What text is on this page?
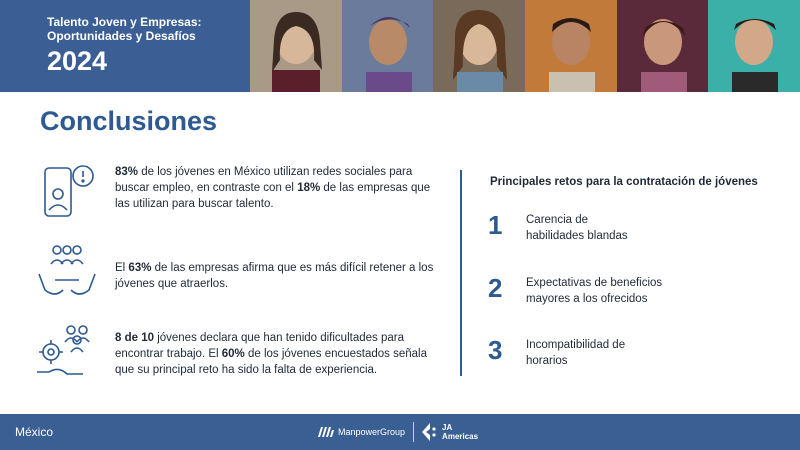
Talento Joven y Empresas: Oportunidades y Desafíos
2024
Conclusiones
83% de los jóvenes en México utilizan redes sociales para buscar empleo, en contraste con el 18% de las empresas que las utilizan para buscar talento.
El 63% de las empresas afirma que es más difícil retener a los jóvenes que atraerlos.
8 de 10 jóvenes declara que han tenido dificultades para encontrar trabajo. El 60% de los jóvenes encuestados señala que su principal reto ha sido la falta de experiencia.
Principales retos para la contratación de jóvenes
1 Carencia de
habilidades blandas
2 Expectativas de beneficios
mayores a los ofrecidos
3 Incompatibilidad de
horarios
México	ManpowerGroup	JA
Americas
